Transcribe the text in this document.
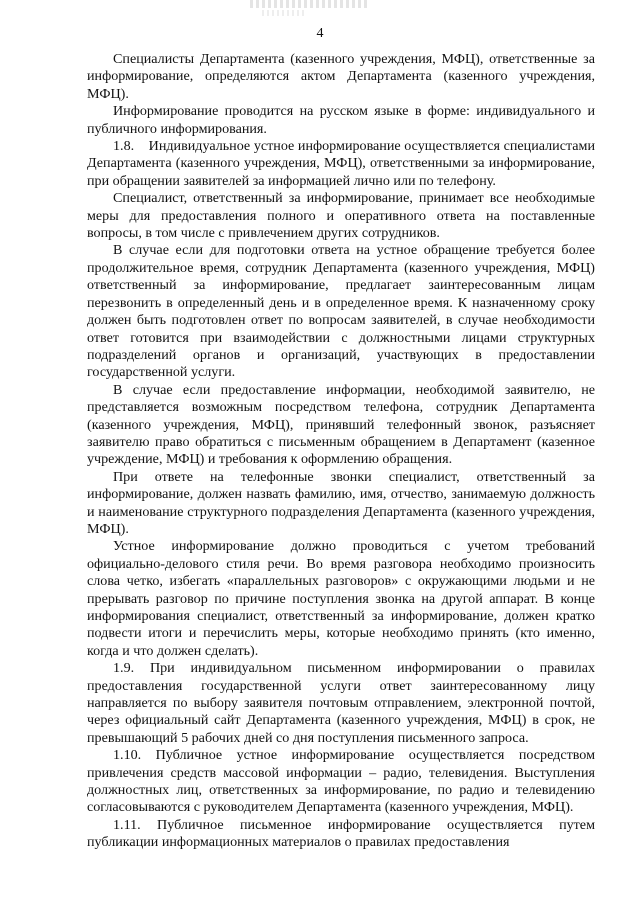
4

Специалисты Департамента (казенного учреждения, МФЦ), ответственные за информирование, определяются актом Департамента (казенного учреждения, МФЦ).

Информирование проводится на русском языке в форме: индивидуального и публичного информирования.

1.8.    Индивидуальное устное информирование осуществляется специалистами Департамента (казенного учреждения, МФЦ), ответственными за информирование, при обращении заявителей за информацией лично или по телефону.

Специалист, ответственный за информирование, принимает все необходимые меры для предоставления полного и оперативного ответа на поставленные вопросы, в том числе с привлечением других сотрудников.

В случае если для подготовки ответа на устное обращение требуется более продолжительное время, сотрудник Департамента (казенного учреждения, МФЦ) ответственный за информирование, предлагает заинтересованным лицам перезвонить в определенный день и в определенное время. К назначенному сроку должен быть подготовлен ответ по вопросам заявителей, в случае необходимости ответ готовится при взаимодействии с должностными лицами структурных подразделений органов и организаций, участвующих в предоставлении государственной услуги.

В случае если предоставление информации, необходимой заявителю, не представляется возможным посредством телефона, сотрудник Департамента (казенного учреждения, МФЦ), принявший телефонный звонок, разъясняет заявителю право обратиться с письменным обращением в Департамент (казенное учреждение, МФЦ) и требования к оформлению обращения.

При ответе на телефонные звонки специалист, ответственный за информирование, должен назвать фамилию, имя, отчество, занимаемую должность и наименование структурного подразделения Департамента (казенного учреждения, МФЦ).

Устное информирование должно проводиться с учетом требований официально-делового стиля речи. Во время разговора необходимо произносить слова четко, избегать «параллельных разговоров» с окружающими людьми и не прерывать разговор по причине поступления звонка на другой аппарат. В конце информирования специалист, ответственный за информирование, должен кратко подвести итоги и перечислить меры, которые необходимо принять (кто именно, когда и что должен сделать).

1.9. При индивидуальном письменном информировании о правилах предоставления государственной услуги ответ заинтересованному лицу направляется по выбору заявителя почтовым отправлением, электронной почтой, через официальный сайт Департамента (казенного учреждения, МФЦ) в срок, не превышающий 5 рабочих дней со дня поступления письменного запроса.

1.10. Публичное устное информирование осуществляется посредством привлечения средств массовой информации – радио, телевидения. Выступления должностных лиц, ответственных за информирование, по радио и телевидению согласовываются с руководителем Департамента (казенного учреждения, МФЦ).

1.11. Публичное письменное информирование осуществляется путем публикации информационных материалов о правилах предоставления
